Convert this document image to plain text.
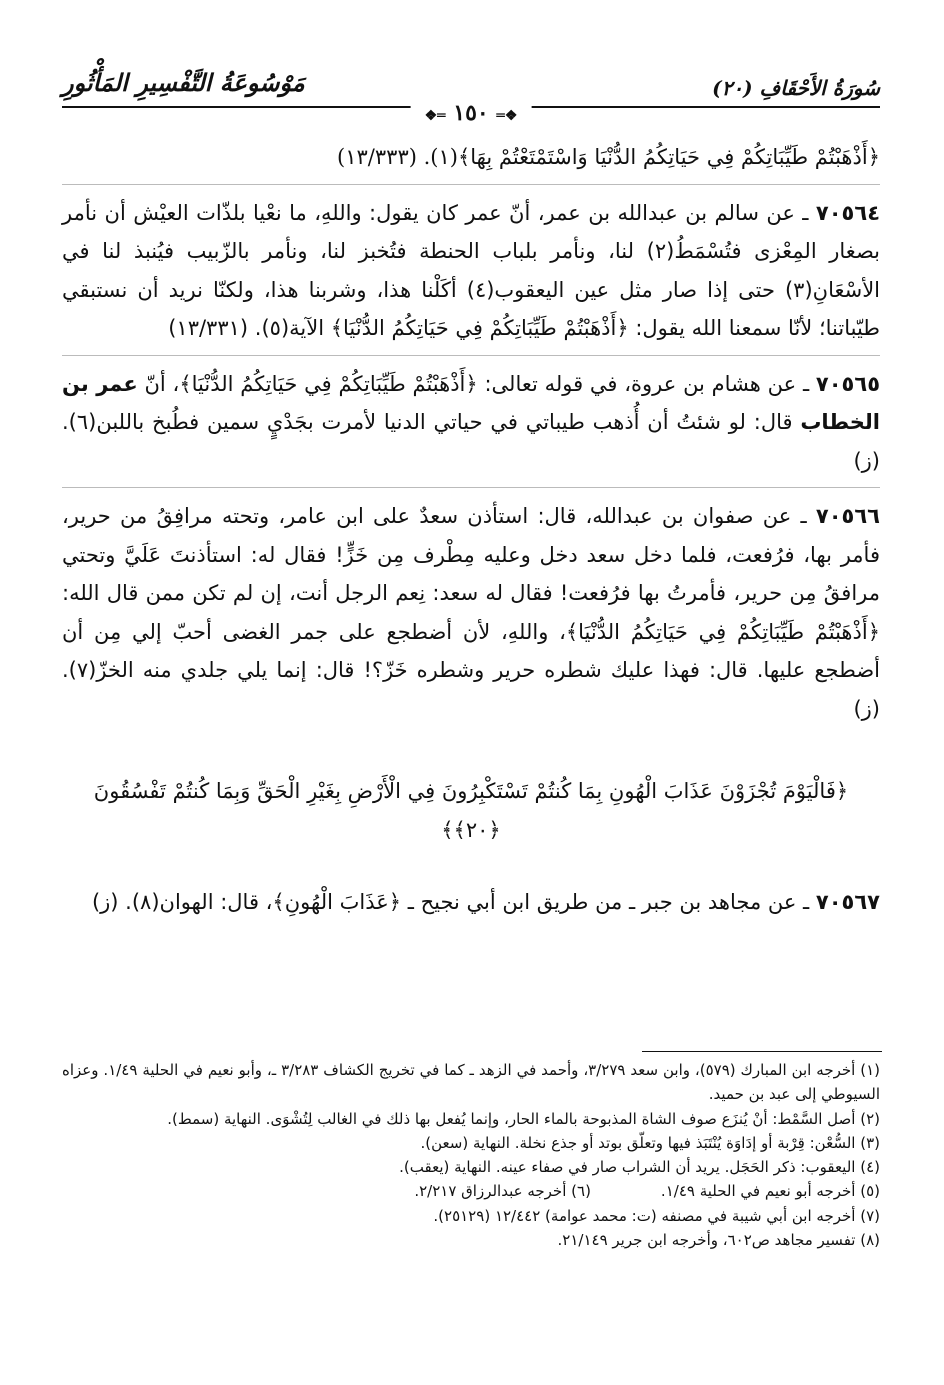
سُورَةُ الأَحْقَافِ (٢٠)
مَوْسُوعَةُ التَّفْسِيرِ المَأْثُورِ
❖═ ١٥٠ ═❖

﴿أَذْهَبْتُمْ طَيِّبَاتِكُمْ فِي حَيَاتِكُمُ الدُّنْيَا وَاسْتَمْتَعْتُمْ بِهَا﴾(١). (١٣/٣٣٣)

٧٠٥٦٤ ـ عن سالم بن عبدالله بن عمر، أنّ عمر كان يقول: واللهِ، ما نعْيا بلذّات العيْش أن نأمر بصغار المِعْزى فتُسْمَطُ(٢) لنا، ونأمر بلباب الحنطة فتُخبز لنا، ونأمر بالزّبيب فيُنبذ لنا في الأسْعَانِ(٣) حتى إذا صار مثل عين اليعقوب(٤) أكَلْنا هذا، وشربنا هذا، ولكنّا نريد أن نستبقي طيّباتنا؛ لأنّا سمعنا الله يقول: ﴿أَذْهَبْتُمْ طَيِّبَاتِكُمْ فِي حَيَاتِكُمُ الدُّنْيَا﴾ الآية(٥). (١٣/٣٣١)

٧٠٥٦٥ ـ عن هشام بن عروة، في قوله تعالى: ﴿أَذْهَبْتُمْ طَيِّبَاتِكُمْ فِي حَيَاتِكُمُ الدُّنْيَا﴾، أنّ عمر بن الخطاب قال: لو شئتُ أن أُذهب طيباتي في حياتي الدنيا لأمرت بجَدْيٍ سمين فطُبخ باللبن(٦). (ز)

٧٠٥٦٦ ـ عن صفوان بن عبدالله، قال: استأذن سعدٌ على ابن عامر، وتحته مرافِقُ من حرير، فأمر بها، فرُفعت، فلما دخل سعد دخل وعليه مِطْرف مِن خَزٍّ! فقال له: استأذنتَ عَلَيَّ وتحتي مرافقُ مِن حرير، فأمرتُ بها فرُفعت! فقال له سعد: نِعم الرجل أنت، إن لم تكن ممن قال الله: ﴿أَذْهَبْتُمْ طَيِّبَاتِكُمْ فِي حَيَاتِكُمُ الدُّنْيَا﴾، واللهِ، لأن أضطجع على جمر الغضى أحبّ إلي مِن أن أضطجع عليها. قال: فهذا عليك شطره حرير وشطره خَزّ؟! قال: إنما يلي جلدي منه الخزّ(٧). (ز)

﴿فَالْيَوْمَ تُجْزَوْنَ عَذَابَ الْهُونِ بِمَا كُنتُمْ تَسْتَكْبِرُونَ فِي الْأَرْضِ بِغَيْرِ الْحَقِّ وَبِمَا كُنتُمْ تَفْسُقُونَ ﴿٢٠﴾﴾

٧٠٥٦٧ ـ عن مجاهد بن جبر ـ من طريق ابن أبي نجيح ـ ﴿عَذَابَ الْهُونِ﴾، قال: الهوان(٨). (ز)

(١) أخرجه ابن المبارك (٥٧٩)، وابن سعد ٣/٢٧٩، وأحمد في الزهد ـ كما في تخريج الكشاف ٣/٢٨٣ ـ، وأبو نعيم في الحلية ١/٤٩. وعزاه السيوطي إلى عبد بن حميد.

(٢) أصل السَّمْط: أنْ يُنزَع صوف الشاة المذبوحة بالماء الحار، وإنما يُفعل بها ذلك في الغالب لِتُشْوَى. النهاية (سمط).

(٣) السُّعْن: قِرْبة أو إدَاوَة يُنْتَبَذ فيها وتعلّق بوتد أو جذع نخلة. النهاية (سعن).

(٤) اليعقوب: ذكر الحَجَل. يريد أن الشراب صار في صفاء عينه. النهاية (يعقب).

(٥) أخرجه أبو نعيم في الحلية ١/٤٩.
(٦) أخرجه عبدالرزاق ٢/٢١٧.

(٧) أخرجه ابن أبي شيبة في مصنفه (ت: محمد عوامة) ١٢/٤٤٢ (٢٥١٢٩).

(٨) تفسير مجاهد ص٦٠٢، وأخرجه ابن جرير ٢١/١٤٩.
